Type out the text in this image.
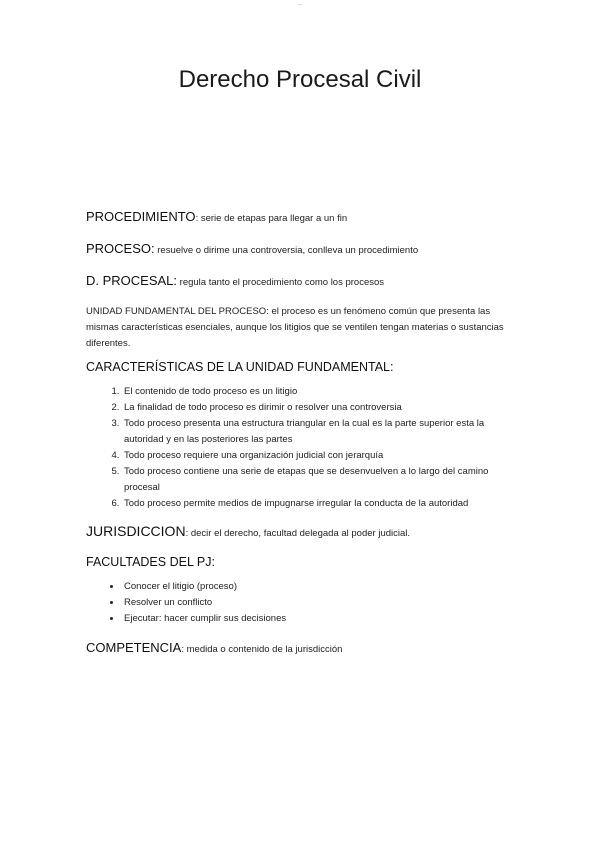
....
Derecho Procesal Civil

PROCEDIMIENTO: serie de etapas para llegar a un fin

PROCESO: resuelve o dirime una controversia, conlleva un procedimiento

D. PROCESAL: regula tanto el procedimiento como los procesos

UNIDAD FUNDAMENTAL DEL PROCESO: el proceso es un fenómeno común que presenta las mismas características esenciales, aunque los litigios que se ventilen tengan materias o sustancias diferentes.

CARACTERÍSTICAS DE LA UNIDAD FUNDAMENTAL:
1. El contenido de todo proceso es un litigio
2. La finalidad de todo proceso es dirimir o resolver una controversia
3. Todo proceso presenta una estructura triangular en la cual es la parte superior esta la autoridad y en las posteriores las partes
4. Todo proceso requiere una organización judicial con jerarquía
5. Todo proceso contiene una serie de etapas que se desenvuelven a lo largo del camino procesal
6. Todo proceso permite medios de impugnarse irregular la conducta de la autoridad

JURISDICCION: decir el derecho, facultad delegada al poder judicial.

FACULTADES DEL PJ:
• Conocer el litigio (proceso)
• Resolver un conflicto
• Ejecutar: hacer cumplir sus decisiones

COMPETENCIA: medida o contenido de la jurisdicción
